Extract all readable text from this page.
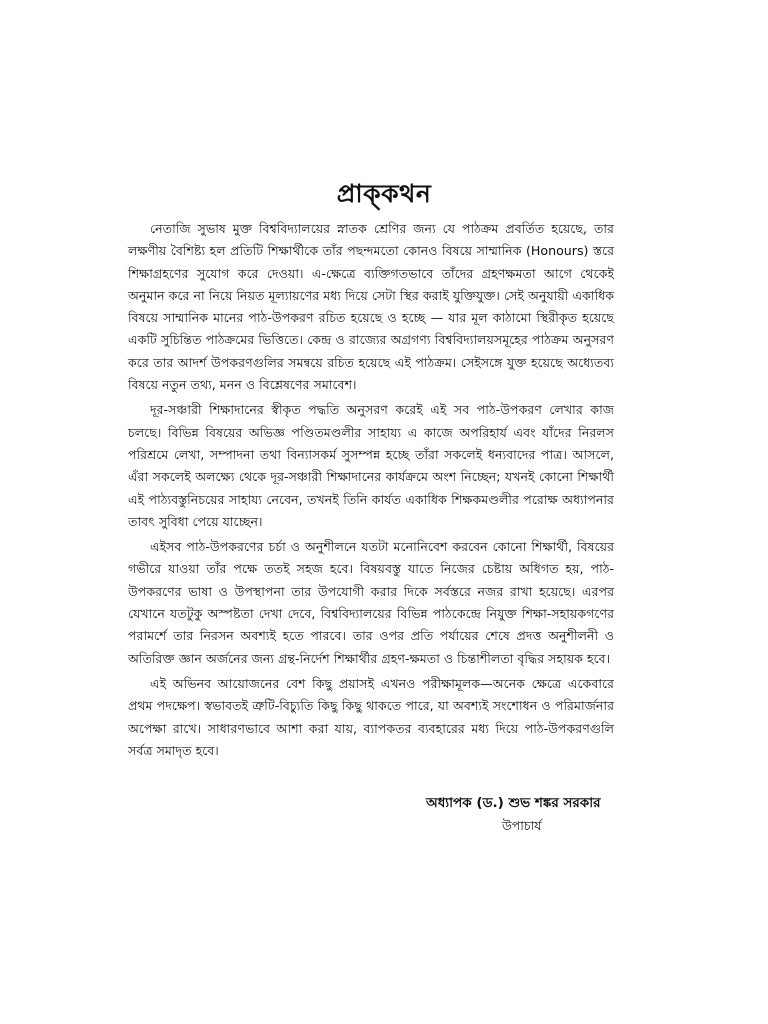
প্রাক্‌কথন

নেতাজি সুভাষ মুক্ত বিশ্ববিদ্যালয়ের স্নাতক শ্রেণির জন্য যে পাঠক্রম প্রবর্তিত হয়েছে, তার লক্ষণীয় বৈশিষ্ট্য হল প্রতিটি শিক্ষার্থীকে তাঁর পছন্দমতো কোনও বিষয়ে সাম্মানিক (Honours) স্তরে শিক্ষাগ্রহণের সুযোগ করে দেওয়া। এ-ক্ষেত্রে ব্যক্তিগতভাবে তাঁদের গ্রহণক্ষমতা আগে থেকেই অনুমান করে না নিয়ে নিয়ত মূল্যায়ণের মধ্য দিয়ে সেটা স্থির করাই যুক্তিযুক্ত। সেই অনুযায়ী একাধিক বিষয়ে সাম্মানিক মানের পাঠ-উপকরণ রচিত হয়েছে ও হচ্ছে — যার মূল কাঠামো স্থিরীকৃত হয়েছে একটি সুচিন্তিত পাঠক্রমের ভিত্তিতে। কেন্দ্র ও রাজ্যের অগ্রগণ্য বিশ্ববিদ্যালয়সমূহের পাঠক্রম অনুসরণ করে তার আদর্শ উপকরণগুলির সমন্বয়ে রচিত হয়েছে এই পাঠক্রম। সেইসঙ্গে যুক্ত হয়েছে অধ্যেতব্য বিষয়ে নতুন তথ্য, মনন ও বিশ্লেষণের সমাবেশ।

দূর-সঞ্চারী শিক্ষাদানের স্বীকৃত পদ্ধতি অনুসরণ করেই এই সব পাঠ-উপকরণ লেখার কাজ চলছে। বিভিন্ন বিষয়ের অভিজ্ঞ পণ্ডিতমণ্ডলীর সাহায্য এ কাজে অপরিহার্য এবং যাঁদের নিরলস পরিশ্রমে লেখা, সম্পাদনা তথা বিন্যাসকর্ম সুসম্পন্ন হচ্ছে তাঁরা সকলেই ধন্যবাদের পাত্র। আসলে, এঁরা সকলেই অলক্ষ্যে থেকে দূর-সঞ্চারী শিক্ষাদানের কার্যক্রমে অংশ নিচ্ছেন; যখনই কোনো শিক্ষার্থী এই পাঠ্যবস্তুনিচয়ের সাহায্য নেবেন, তখনই তিনি কার্যত একাধিক শিক্ষকমণ্ডলীর পরোক্ষ অধ্যাপনার তাবৎ সুবিধা পেয়ে যাচ্ছেন।

এইসব পাঠ-উপকরণের চর্চা ও অনুশীলনে যতটা মনোনিবেশ করবেন কোনো শিক্ষার্থী, বিষয়ের গভীরে যাওয়া তাঁর পক্ষে ততই সহজ হবে। বিষয়বস্তু যাতে নিজের চেষ্টায় অধিগত হয়, পাঠ-উপকরণের ভাষা ও উপস্থাপনা তার উপযোগী করার দিকে সর্বস্তরে নজর রাখা হয়েছে। এরপর যেখানে যতটুকু অস্পষ্টতা দেখা দেবে, বিশ্ববিদ্যালয়ের বিভিন্ন পাঠকেন্দ্রে নিযুক্ত শিক্ষা-সহায়কগণের পরামর্শে তার নিরসন অবশ্যই হতে পারবে। তার ওপর প্রতি পর্যায়ের শেষে প্রদত্ত অনুশীলনী ও অতিরিক্ত জ্ঞান অর্জনের জন্য গ্রন্থ-নির্দেশ শিক্ষার্থীর গ্রহণ-ক্ষমতা ও চিন্তাশীলতা বৃদ্ধির সহায়ক হবে।

এই অভিনব আয়োজনের বেশ কিছু প্রয়াসই এখনও পরীক্ষামূলক—অনেক ক্ষেত্রে একেবারে প্রথম পদক্ষেপ। স্বভাবতই ত্রুটি-বিচ্যুতি কিছু কিছু থাকতে পারে, যা অবশ্যই সংশোধন ও পরিমার্জনার অপেক্ষা রাখে। সাধারণভাবে আশা করা যায়, ব্যাপকতর ব্যবহারের মধ্য দিয়ে পাঠ-উপকরণগুলি সর্বত্র সমাদৃত হবে।

অধ্যাপক (ড.) শুভ শঙ্কর সরকার
উপাচার্য
